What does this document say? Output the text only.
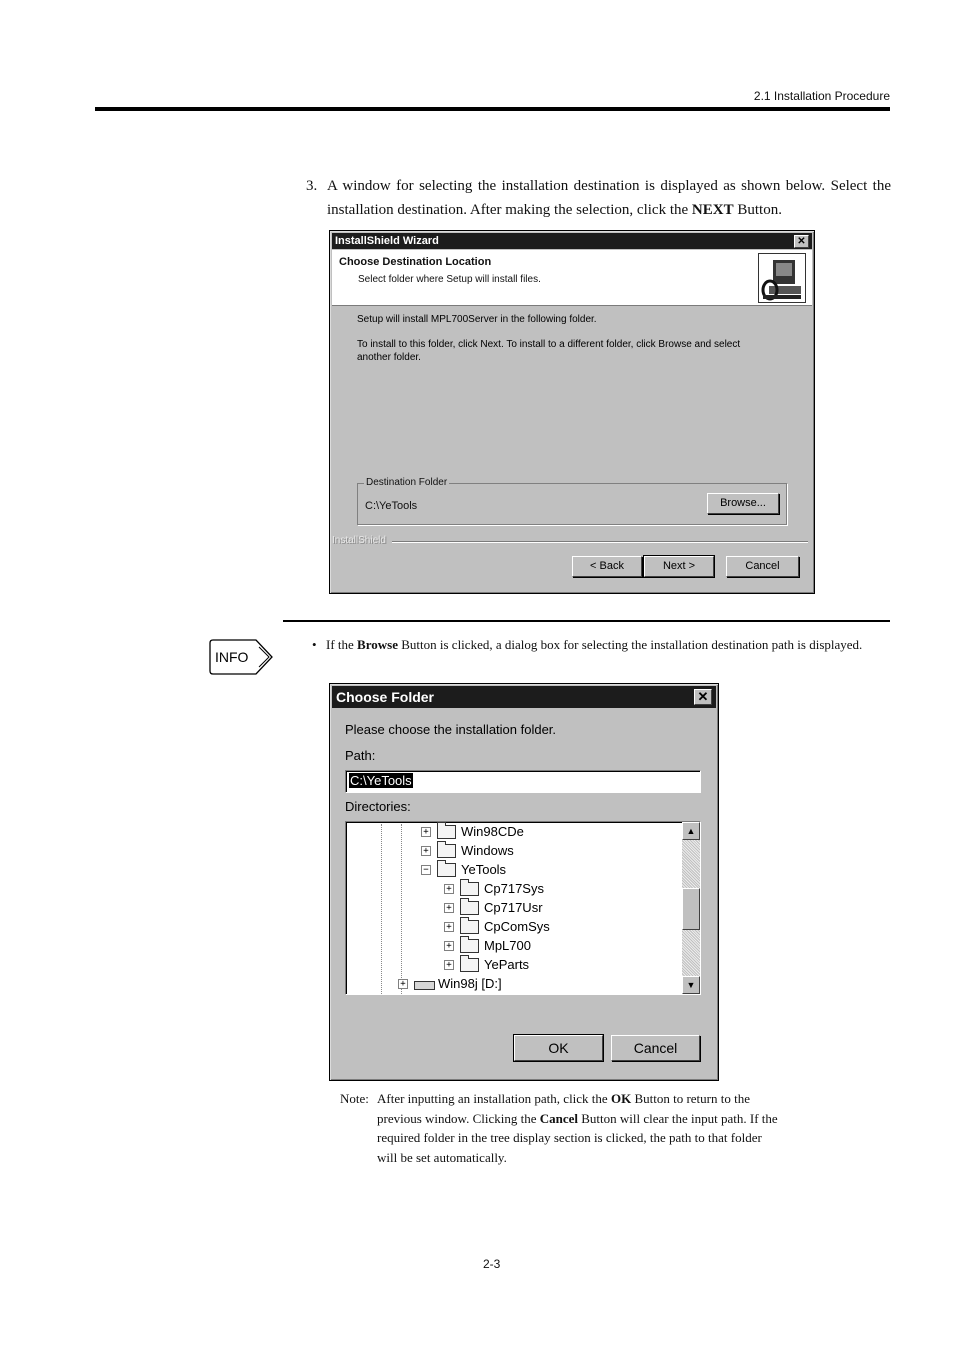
2.1 Installation Procedure
3. A window for selecting the installation destination is displayed as shown below. Select the installation destination. After making the selection, click the NEXT Button.
InstallShield Wizard	✕
Choose Destination Location
Select folder where Setup will install files.
Setup will install MPL700Server in the following folder.
To install to this folder, click Next. To install to a different folder, click Browse and select another folder.
Destination Folder
C:\YeTools	Browse...
InstallShield
< Back	Next >	Cancel
INFO
• If the Browse Button is clicked, a dialog box for selecting the installation destination path is displayed.
Choose Folder	✕
Please choose the installation folder.
Path:
C:\YeTools
Directories:
+ Win98CDe
+ Windows
− YeTools
+ Cp717Sys
+ Cp717Usr
+ CpComSys
+ MpL700
+ YeParts
+ Win98j [D:]
▲
▼
OK	Cancel
Note: After inputting an installation path, click the OK Button to return to the previous window. Clicking the Cancel Button will clear the input path. If the required folder in the tree display section is clicked, the path to that folder will be set automatically.
2-3
